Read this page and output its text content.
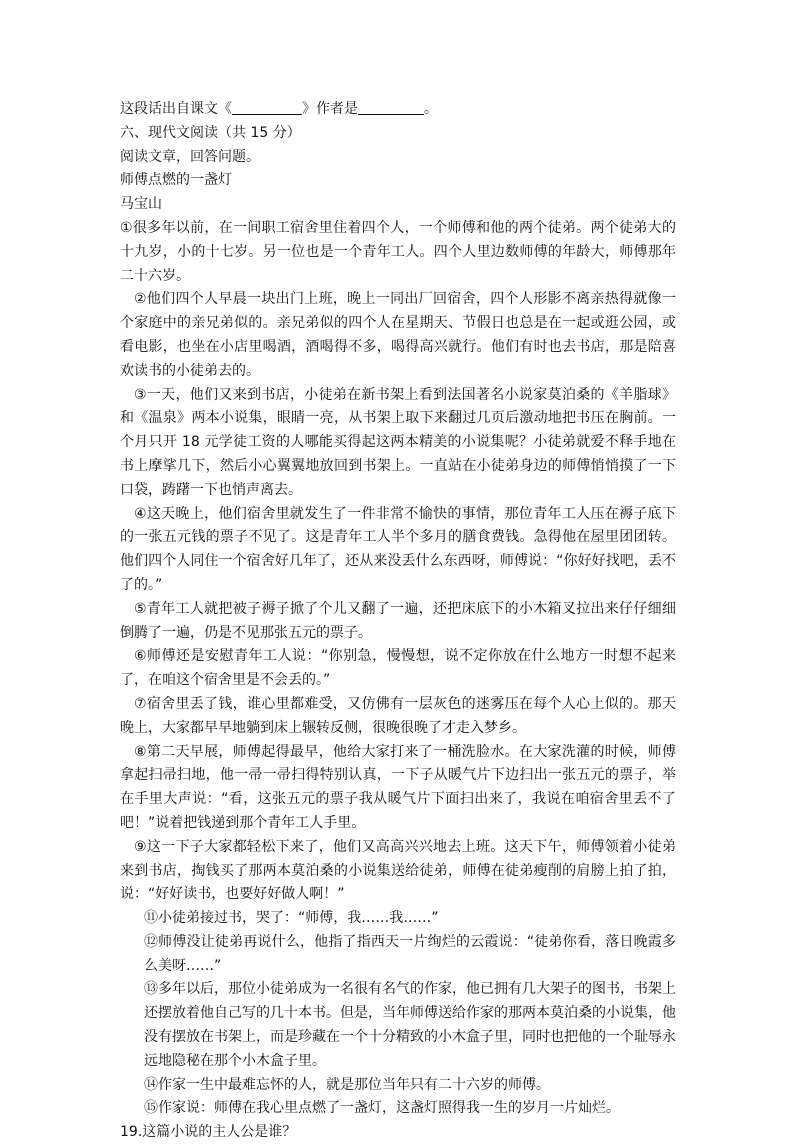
这段话出自课文《	》作者是	。
六、现代文阅读（共 15 分）
阅读文章，回答问题。
师傅点燃的一盏灯
马宝山
①很多年以前，在一间职工宿舍里住着四个人，一个师傅和他的两个徒弟。两个徒弟大的十九岁，小的十七岁。另一位也是一个青年工人。四个人里边数师傅的年龄大，师傅那年二十六岁。
②他们四个人早晨一块出门上班，晚上一同出厂回宿舍，四个人形影不离亲热得就像一个家庭中的亲兄弟似的。亲兄弟似的四个人在星期天、节假日也总是在一起或逛公园，或看电影，也坐在小店里喝酒，酒喝得不多，喝得高兴就行。他们有时也去书店，那是陪喜欢读书的小徒弟去的。
③一天，他们又来到书店，小徒弟在新书架上看到法国著名小说家莫泊桑的《羊脂球》和《温泉》两本小说集，眼睛一亮，从书架上取下来翻过几页后激动地把书压在胸前。一个月只开 18 元学徒工资的人哪能买得起这两本精美的小说集呢？小徒弟就爱不释手地在书上摩挲几下，然后小心翼翼地放回到书架上。一直站在小徒弟身边的师傅悄悄摸了一下口袋，踌躇一下也悄声离去。
④这天晚上，他们宿舍里就发生了一件非常不愉快的事情，那位青年工人压在褥子底下的一张五元钱的票子不见了。这是青年工人半个多月的膳食费钱。急得他在屋里团团转。他们四个人同住一个宿舍好几年了，还从来没丢什么东西呀，师傅说：“你好好找吧，丢不了的。”
⑤青年工人就把被子褥子掀了个儿又翻了一遍，还把床底下的小木箱叉拉出来仔仔细细倒腾了一遍，仍是不见那张五元的票子。
⑥师傅还是安慰青年工人说：“你别急，慢慢想，说不定你放在什么地方一时想不起来了，在咱这个宿舍里是不会丢的。”
⑦宿舍里丢了钱，谁心里都难受，又仿佛有一层灰色的迷雾压在每个人心上似的。那天晚上，大家都早早地躺到床上辗转反侧，很晚很晚了才走入梦乡。
⑧第二天早展，师傅起得最早，他给大家打来了一桶洗脸水。在大家洗灌的时候，师傅拿起扫帚扫地，他一帚一帚扫得特别认真，一下子从暖气片下边扫出一张五元的票子，举在手里大声说：“看，这张五元的票子我从暖气片下面扫出来了，我说在咱宿舍里丢不了吧！”说着把钱递到那个青年工人手里。
⑨这一下子大家都轻松下来了，他们又高高兴兴地去上班。这天下午，师傅领着小徒弟来到书店，掏钱买了那两本莫泊桑的小说集送给徒弟，师傅在徒弟瘦削的肩膀上拍了拍，说：“好好读书，也要好好做人啊！”
⑪小徒弟接过书，哭了：“师傅，我……我……”
⑫师傅没让徒弟再说什么，他指了指西天一片绚烂的云霞说：“徒弟你看，落日晚霞多么美呀……”
⑬多年以后，那位小徒弟成为一名很有名气的作家，他已拥有几大架子的图书，书架上还摆放着他自己写的几十本书。但是，当年师傅送给作家的那两本莫泊桑的小说集，他没有摆放在书架上，而是珍藏在一个十分精致的小木盒子里，同时也把他的一个耻辱永远地隐秘在那个小木盒子里。
⑭作家一生中最难忘怀的人，就是那位当年只有二十六岁的师傅。
⑮作家说：师傅在我心里点燃了一盏灯，这盏灯照得我一生的岁月一片灿烂。
19.这篇小说的主人公是谁？
